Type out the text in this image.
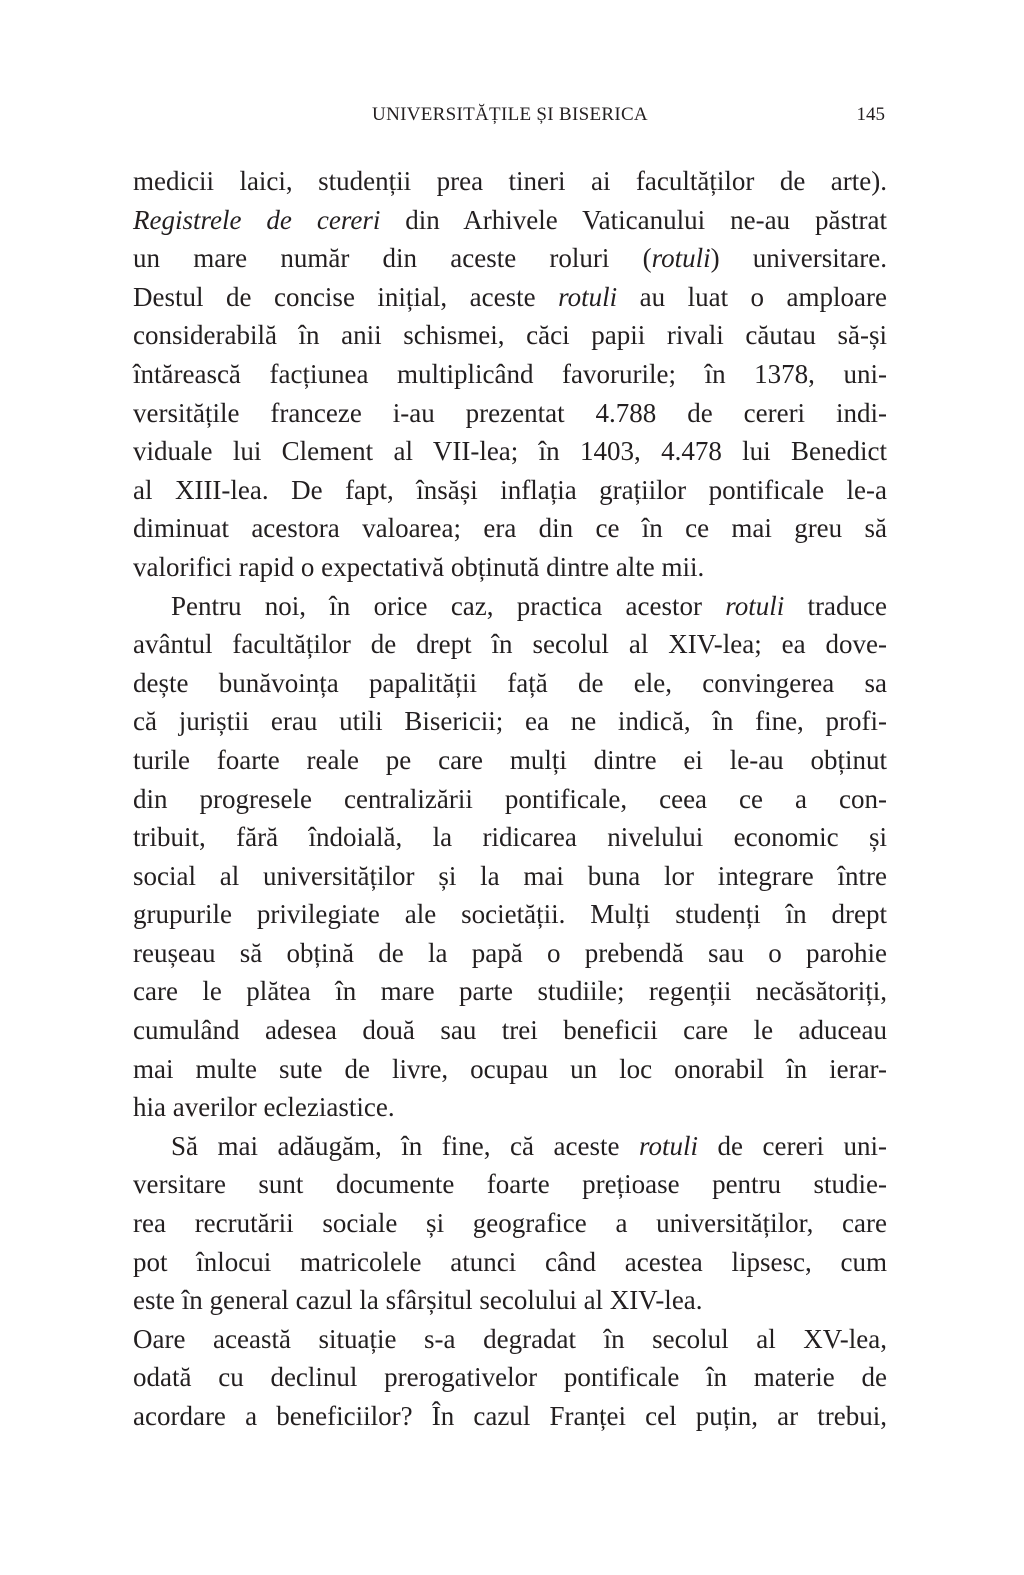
UNIVERSITĂȚILE ȘI BISERICA	145
medicii laici, studenții prea tineri ai facultăților de arte).
Registrele de cereri din Arhivele Vaticanului ne-au păstrat
un mare număr din aceste roluri (rotuli) universitare.
Destul de concise inițial, aceste rotuli au luat o amploare
considerabilă în anii schismei, căci papii rivali căutau să-și
întărească facțiunea multiplicând favorurile; în 1378, uni-
versitățile franceze i-au prezentat 4.788 de cereri indi-
viduale lui Clement al VII-lea; în 1403, 4.478 lui Benedict
al XIII-lea. De fapt, însăși inflația grațiilor pontificale le-a
diminuat acestora valoarea; era din ce în ce mai greu să
valorifici rapid o expectativă obținută dintre alte mii.
Pentru noi, în orice caz, practica acestor rotuli traduce
avântul facultăților de drept în secolul al XIV-lea; ea dove-
dește bunăvoința papalității față de ele, convingerea sa
că juriștii erau utili Bisericii; ea ne indică, în fine, profi-
turile foarte reale pe care mulți dintre ei le-au obținut
din progresele centralizării pontificale, ceea ce a con-
tribuit, fără îndoială, la ridicarea nivelului economic și
social al universităților și la mai buna lor integrare între
grupurile privilegiate ale societății. Mulți studenți în drept
reușeau să obțină de la papă o prebendă sau o parohie
care le plătea în mare parte studiile; regenții necăsătoriți,
cumulând adesea două sau trei beneficii care le aduceau
mai multe sute de livre, ocupau un loc onorabil în ierar-
hia averilor ecleziastice.
Să mai adăugăm, în fine, că aceste rotuli de cereri uni-
versitare sunt documente foarte prețioase pentru studie-
rea recrutării sociale și geografice a universităților, care
pot înlocui matricolele atunci când acestea lipsesc, cum
este în general cazul la sfârșitul secolului al XIV-lea.
Oare această situație s-a degradat în secolul al XV-lea,
odată cu declinul prerogativelor pontificale în materie de
acordare a beneficiilor? În cazul Franței cel puțin, ar trebui,
